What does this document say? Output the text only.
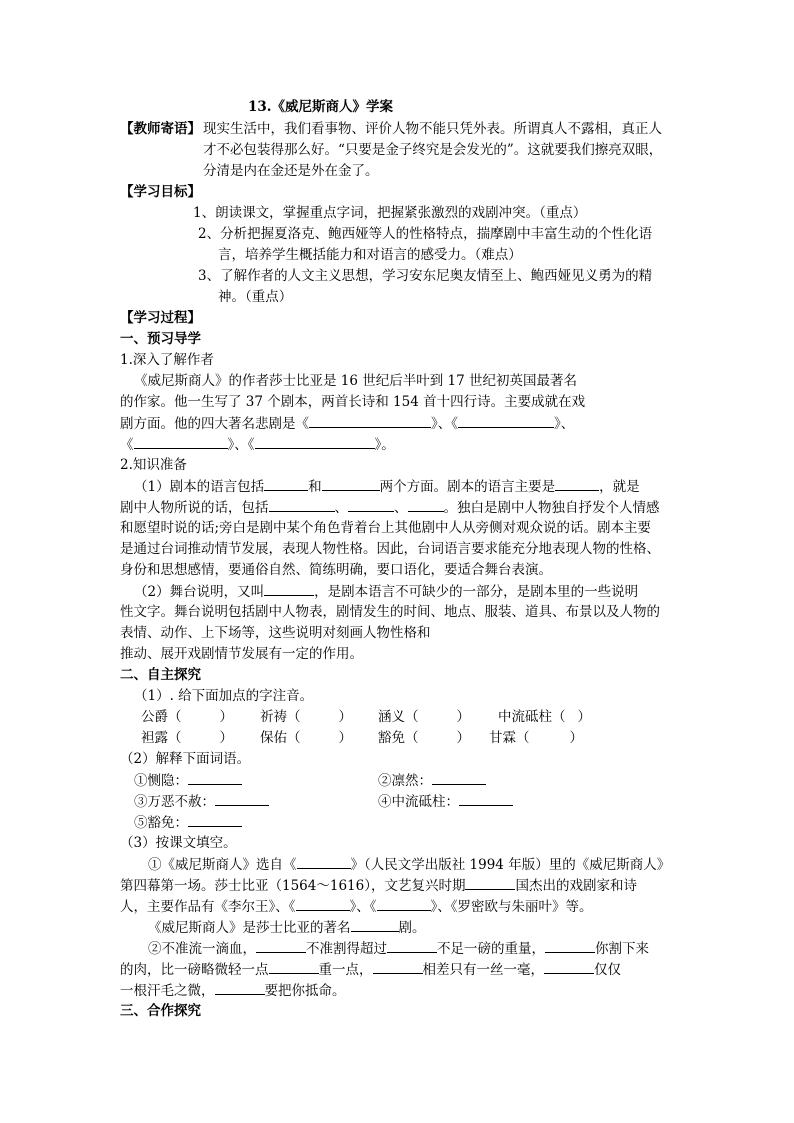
13.《威尼斯商人》学案
【教师寄语】 现实生活中，我们看事物、评价人物不能只凭外表。所谓真人不露相，真正人
才不必包装得那么好。“只要是金子终究是会发光的”。这就要我们擦亮双眼，
分清是内在金还是外在金了。
【学习目标】
1、朗读课文，掌握重点字词，把握紧张激烈的戏剧冲突。（重点）
2、分析把握夏洛克、鲍西娅等人的性格特点，揣摩剧中丰富生动的个性化语
言，培养学生概括能力和对语言的感受力。（难点）
3、了解作者的人文主义思想，学习安东尼奥友情至上、鲍西娅见义勇为的精
神。（重点）
【学习过程】
一、预习导学
1.深入了解作者
《威尼斯商人》的作者莎士比亚是 16 世纪后半叶到 17 世纪初英国最著名
的作家。他一生写了 37 个剧本，两首长诗和 154 首十四行诗。主要成就在戏
剧方面。他的四大著名悲剧是《	》、《	》、
《	》、《	》。
2.知识准备
（1）剧本的语言包括	和	两个方面。剧本的语言主要是	，就是
剧中人物所说的话，包括	、	、	。独白是剧中人物独自抒发个人情感
和愿望时说的话;旁白是剧中某个角色背着台上其他剧中人从旁侧对观众说的话。剧本主要
是通过台词推动情节发展，表现人物性格。因此，台词语言要求能充分地表现人物的性格、
身份和思想感情，要通俗自然、简练明确，要口语化，要适合舞台表演。
（2）舞台说明，又叫	，是剧本语言不可缺少的一部分，是剧本里的一些说明
性文字。舞台说明包括剧中人物表，剧情发生的时间、地点、服装、道具、布景以及人物的
表情、动作、上下场等，这些说明对刻画人物性格和
推动、展开戏剧情节发展有一定的作用。
二、自主探究
（1）. 给下面加点的字注音。
公爵（	） 祈祷（	） 涵义（	） 中流砥柱（ ）
袒露（	） 保佑（	） 豁免（	） 甘霖（	）
（2）解释下面词语。
①恻隐：	②凛然：
③万恶不赦：	④中流砥柱：
⑤豁免：
（3）按课文填空。
①《威尼斯商人》选自《	》（人民文学出版社 1994 年版）里的《威尼斯商人》
第四幕第一场。莎士比亚（1564～1616），文艺复兴时期	国杰出的戏剧家和诗
人，主要作品有《李尔王》、《	》、《	》、《罗密欧与朱丽叶》等。
《威尼斯商人》是莎士比亚的著名	剧。
②不准流一滴血，	不准割得超过	不足一磅的重量，	你割下来
的肉，比一磅略微轻一点	重一点，	相差只有一丝一毫，	仅仅
一根汗毛之微，	要把你抵命。
三、合作探究
